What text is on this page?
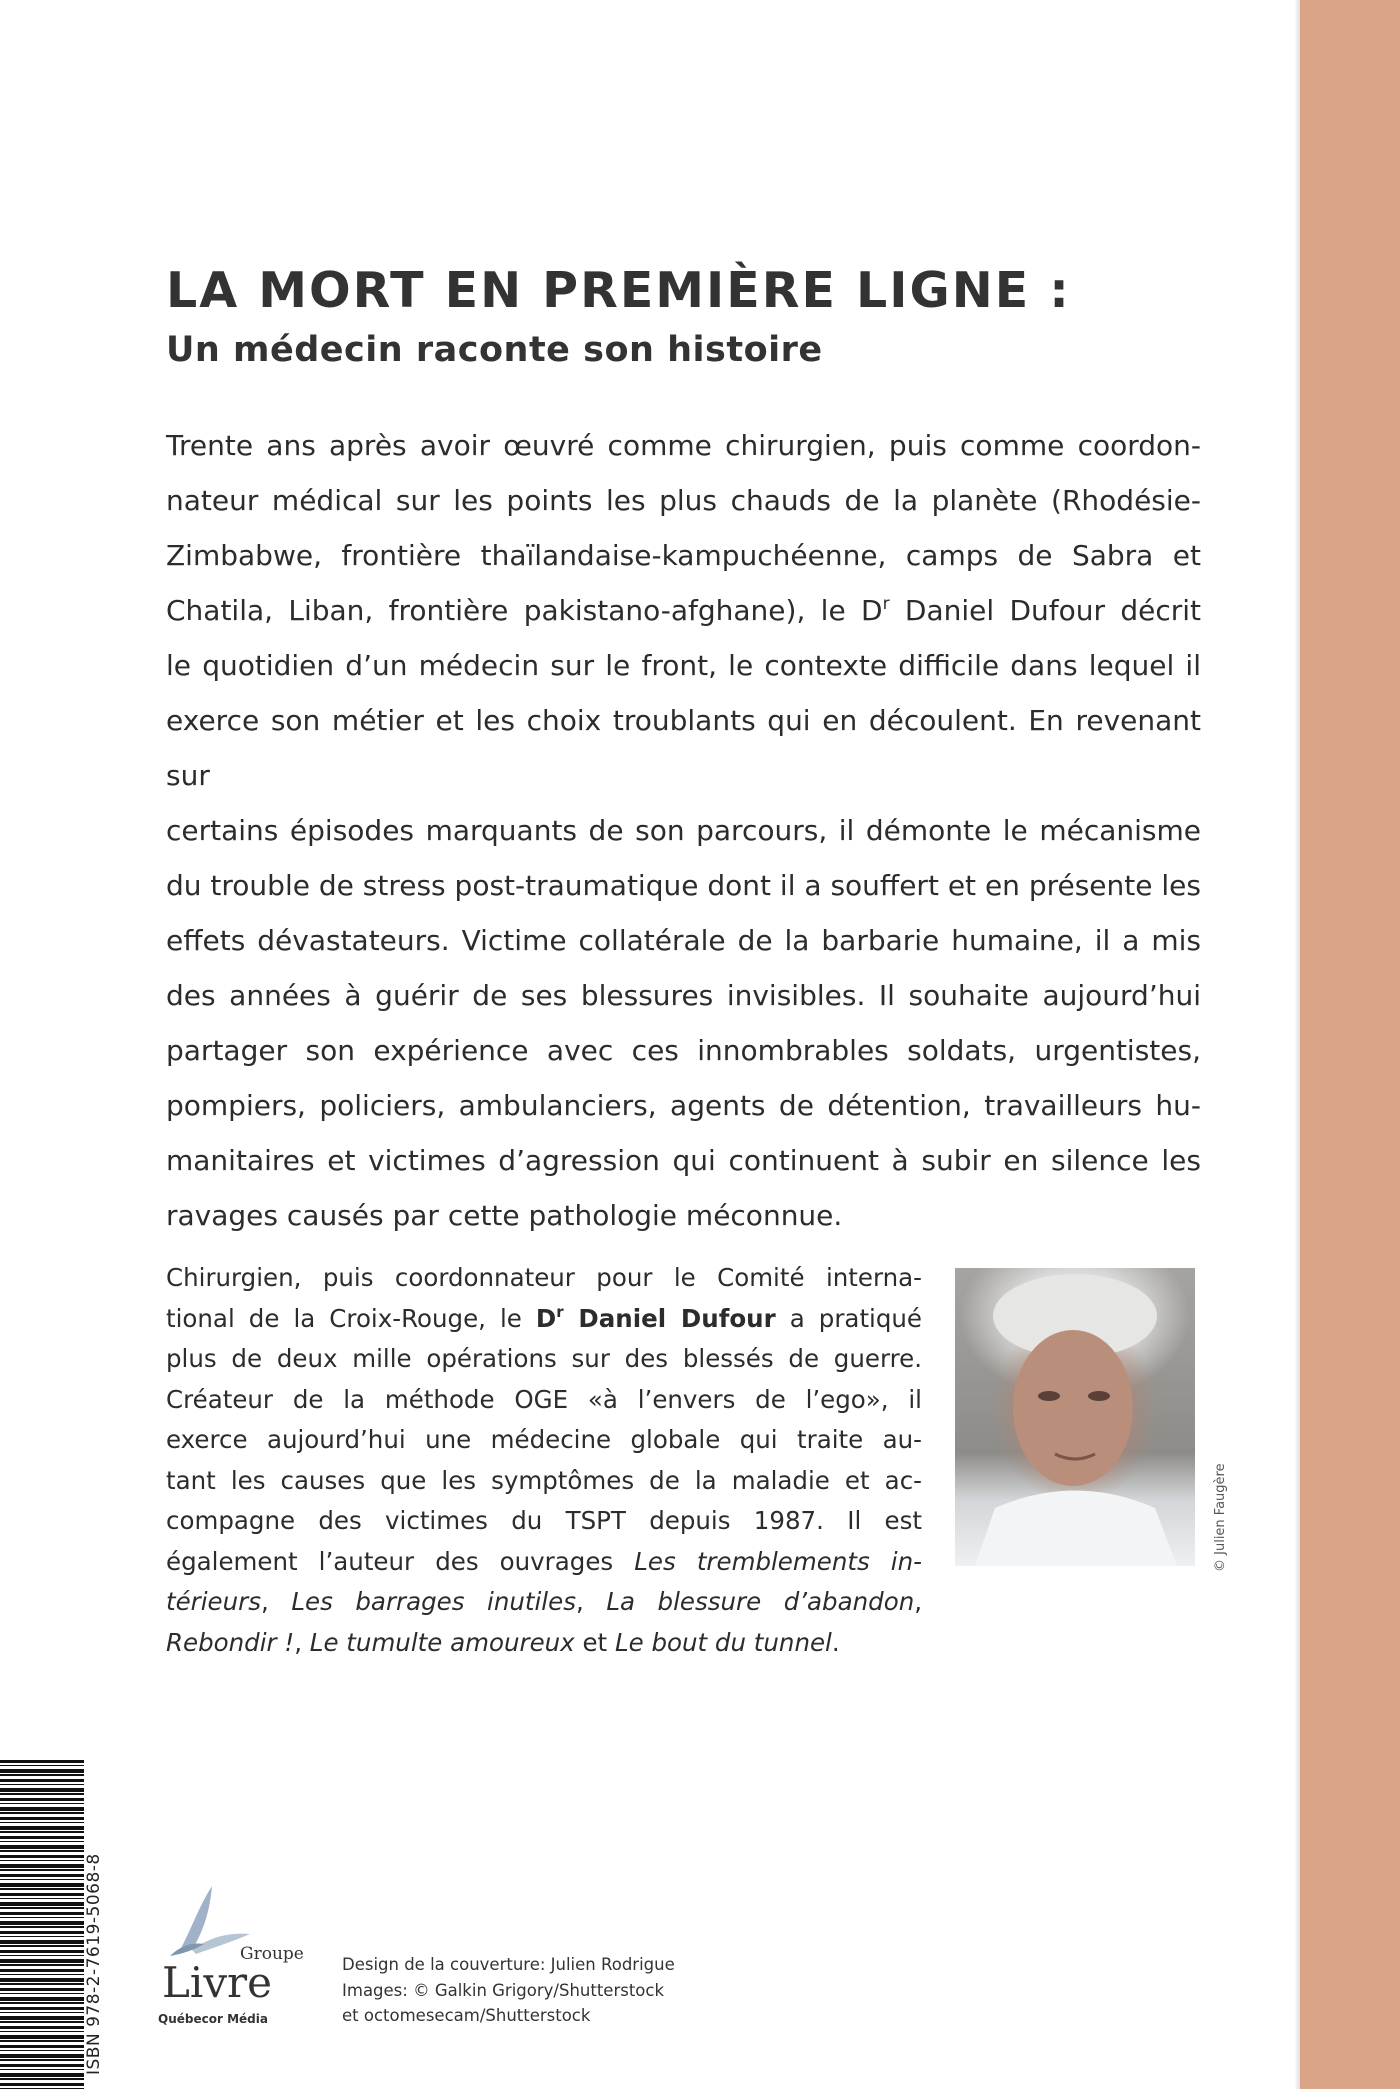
LA MORT EN PREMIÈRE LIGNE :
Un médecin raconte son histoire
Trente ans après avoir œuvré comme chirurgien, puis comme coordon-
nateur médical sur les points les plus chauds de la planète (Rhodésie-
Zimbabwe, frontière thaïlandaise-kampuchéenne, camps de Sabra et
Chatila, Liban, frontière pakistano-afghane), le $D^r$ Daniel Dufour décrit
le quotidien d’un médecin sur le front, le contexte difficile dans lequel il
exerce son métier et les choix troublants qui en découlent. En revenant sur
certains épisodes marquants de son parcours, il démonte le mécanisme
du trouble de stress post-traumatique dont il a souffert et en présente les
effets dévastateurs. Victime collatérale de la barbarie humaine, il a mis
des années à guérir de ses blessures invisibles. Il souhaite aujourd’hui
partager son expérience avec ces innombrables soldats, urgentistes,
pompiers, policiers, ambulanciers, agents de détention, travailleurs hu-
manitaires et victimes d’agression qui continuent à subir en silence les
ravages causés par cette pathologie méconnue.
Chirurgien, puis coordonnateur pour le Comité interna-
tional de la Croix-Rouge, le $D^r$ Daniel Dufour a pratiqué
plus de deux mille opérations sur des blessés de guerre.
Créateur de la méthode OGE «à l’envers de l’ego», il
exerce aujourd’hui une médecine globale qui traite au-
tant les causes que les symptômes de la maladie et ac-
compagne des victimes du TSPT depuis 1987. Il est
également l’auteur des ouvrages Les tremblements in-
térieurs, Les barrages inutiles, La blessure d’abandon,
Rebondir !, Le tumulte amoureux et Le bout du tunnel.
© Julien Faugère
ISBN 978-2-7619-5068-8	Groupe
Livre
Québecor Média
Design de la couverture: Julien Rodrigue
Images: © Galkin Grigory/Shutterstock
et octomesecam/Shutterstock
